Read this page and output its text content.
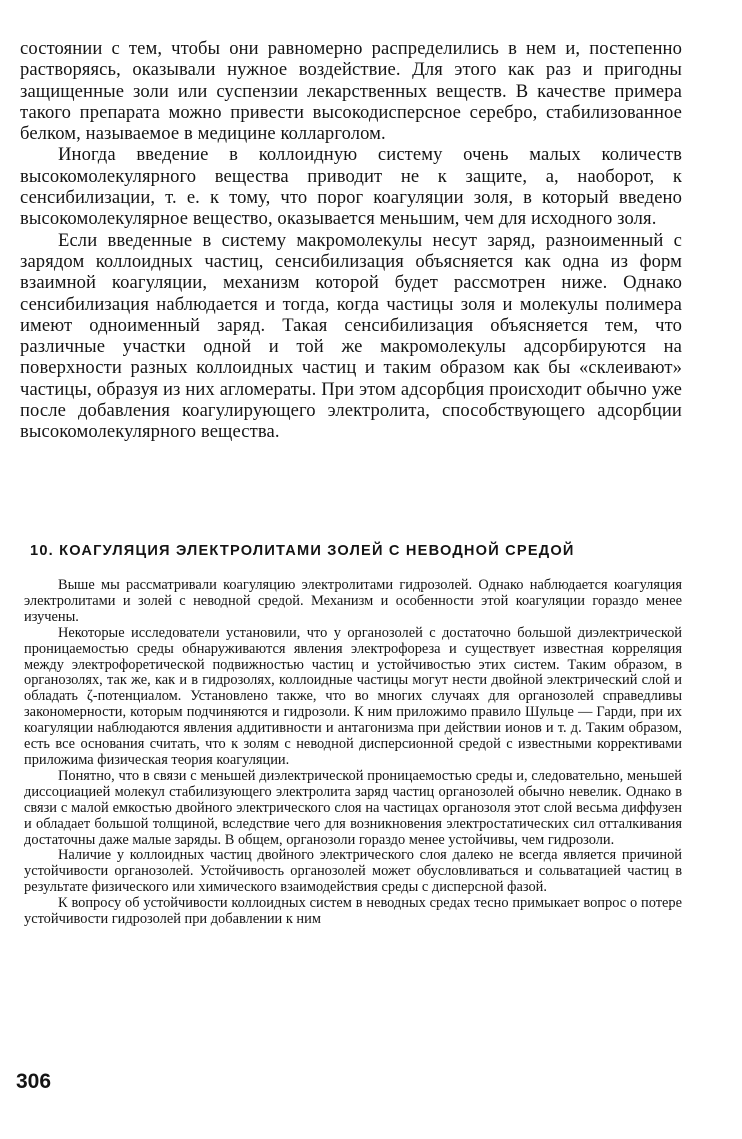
состоянии с тем, чтобы они равномерно распределились в нем и, постепенно растворяясь, оказывали нужное воздействие. Для этого как раз и пригодны защищенные золи или суспензии лекарственных веществ. В качестве примера такого препарата можно привести высокодисперсное серебро, стабилизованное белком, называемое в медицине колларголом.

Иногда введение в коллоидную систему очень малых количеств высокомолекулярного вещества приводит не к защите, а, наоборот, к сенсибилизации, т. е. к тому, что порог коагуляции золя, в который введено высокомолекулярное вещество, оказывается меньшим, чем для исходного золя.

Если введенные в систему макромолекулы несут заряд, разноименный с зарядом коллоидных частиц, сенсибилизация объясняется как одна из форм взаимной коагуляции, механизм которой будет рассмотрен ниже. Однако сенсибилизация наблюдается и тогда, когда частицы золя и молекулы полимера имеют одноименный заряд. Такая сенсибилизация объясняется тем, что различные участки одной и той же макромолекулы адсорбируются на поверхности разных коллоидных частиц и таким образом как бы «склеивают» частицы, образуя из них агломераты. При этом адсорбция происходит обычно уже после добавления коагулирующего электролита, способствующего адсорбции высокомолекулярного вещества.

10. КОАГУЛЯЦИЯ ЭЛЕКТРОЛИТАМИ ЗОЛЕЙ С НЕВОДНОЙ СРЕДОЙ

Выше мы рассматривали коагуляцию электролитами гидрозолей. Однако наблюдается коагуляция электролитами и золей с неводной средой. Механизм и особенности этой коагуляции гораздо менее изучены.

Некоторые исследователи установили, что у органозолей с достаточно большой диэлектрической проницаемостью среды обнаруживаются явления электрофореза и существует известная корреляция между электрофоретической подвижностью частиц и устойчивостью этих систем. Таким образом, в органозолях, так же, как и в гидрозолях, коллоидные частицы могут нести двойной электрический слой и обладать ζ-потенциалом. Установлено также, что во многих случаях для органозолей справедливы закономерности, которым подчиняются и гидрозоли. К ним приложимо правило Шульце — Гарди, при их коагуляции наблюдаются явления аддитивности и антагонизма при действии ионов и т. д. Таким образом, есть все основания считать, что к золям с неводной дисперсионной средой с известными коррективами приложима физическая теория коагуляции.

Понятно, что в связи с меньшей диэлектрической проницаемостью среды и, следовательно, меньшей диссоциацией молекул стабилизующего электролита заряд частиц органозолей обычно невелик. Однако в связи с малой емкостью двойного электрического слоя на частицах органозоля этот слой весьма диффузен и обладает большой толщиной, вследствие чего для возникновения электростатических сил отталкивания достаточны даже малые заряды. В общем, органозоли гораздо менее устойчивы, чем гидрозоли.

Наличие у коллоидных частиц двойного электрического слоя далеко не всегда является причиной устойчивости органозолей. Устойчивость органозолей может обусловливаться и сольватацией частиц в результате физического или химического взаимодействия среды с дисперсной фазой.

К вопросу об устойчивости коллоидных систем в неводных средах тесно примыкает вопрос о потере устойчивости гидрозолей при добавлении к ним

306
